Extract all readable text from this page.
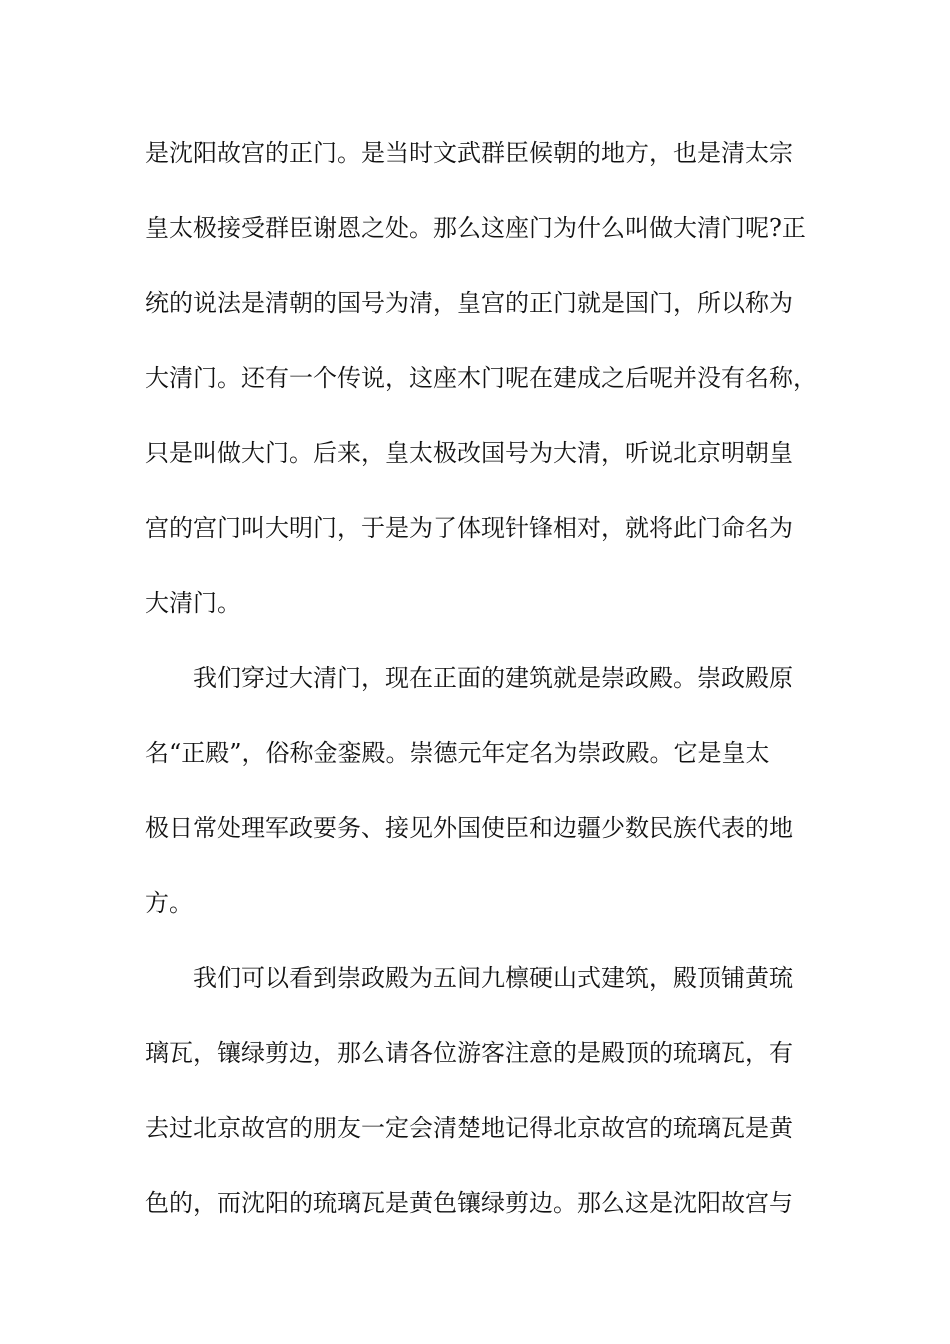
是沈阳故宫的正门。是当时文武群臣候朝的地方，也是清太宗
皇太极接受群臣谢恩之处。那么这座门为什么叫做大清门呢?正
统的说法是清朝的国号为清，皇宫的正门就是国门，所以称为
大清门。还有一个传说，这座木门呢在建成之后呢并没有名称，
只是叫做大门。后来，皇太极改国号为大清，听说北京明朝皇
宫的宫门叫大明门，于是为了体现针锋相对，就将此门命名为
大清门。
我们穿过大清门，现在正面的建筑就是崇政殿。崇政殿原
名“正殿”，俗称金銮殿。崇德元年定名为崇政殿。它是皇太
极日常处理军政要务、接见外国使臣和边疆少数民族代表的地
方。
我们可以看到崇政殿为五间九檩硬山式建筑，殿顶铺黄琉
璃瓦，镶绿剪边，那么请各位游客注意的是殿顶的琉璃瓦，有
去过北京故宫的朋友一定会清楚地记得北京故宫的琉璃瓦是黄
色的，而沈阳的琉璃瓦是黄色镶绿剪边。那么这是沈阳故宫与
